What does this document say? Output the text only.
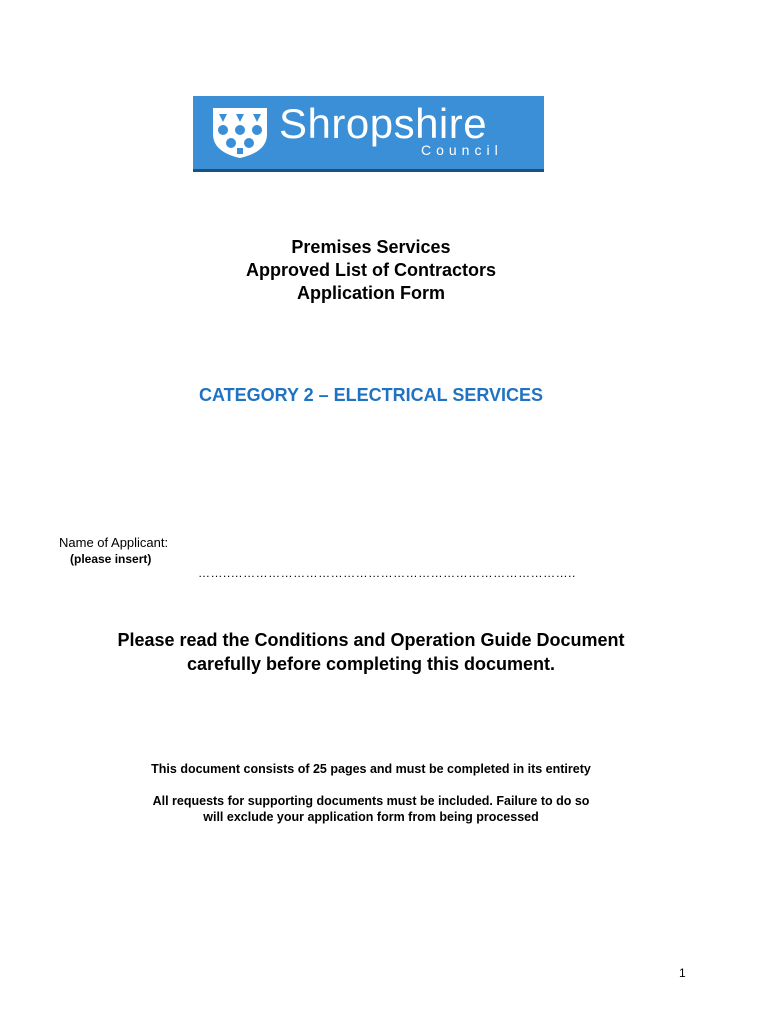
Shropshire
Council
Premises Services
Approved List of Contractors
Application Form
CATEGORY 2 – ELECTRICAL SERVICES
Name of Applicant:
(please insert)
……..………………………………………………………………………..
Please read the Conditions and Operation Guide Document
carefully before completing this document.
This document consists of 25 pages and must be completed in its entirety
All requests for supporting documents must be included. Failure to do so
will exclude your application form from being processed
1
